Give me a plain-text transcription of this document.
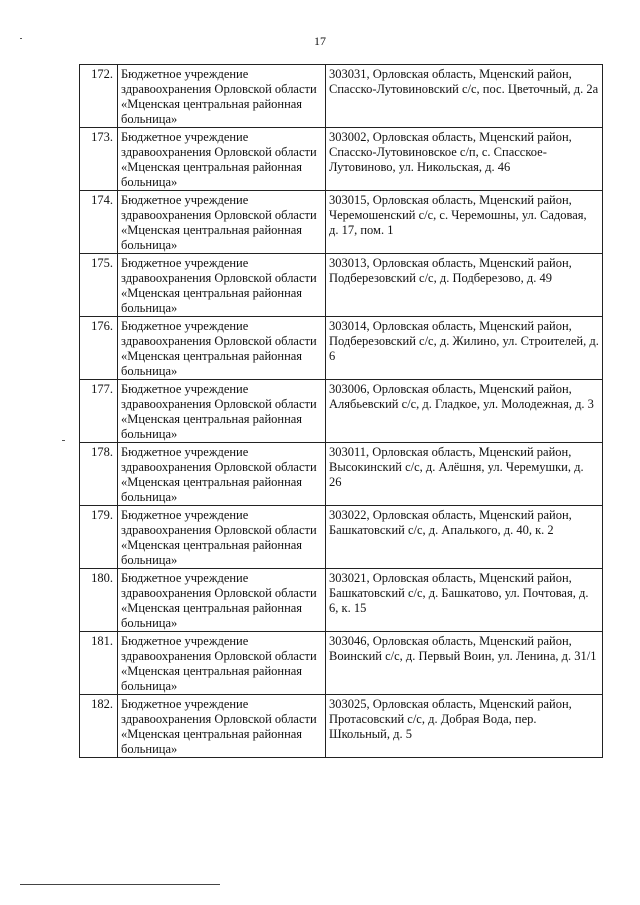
17
172.	Бюджетное учреждение здравоохранения Орловской области «Мценская центральная районная больница»	303031, Орловская область, Мценский район, Спасско-Лутовиновский с/с, пос. Цветочный, д. 2а
173.	Бюджетное учреждение здравоохранения Орловской области «Мценская центральная районная больница»	303002, Орловская область, Мценский район, Спасско-Лутовиновское с/п, с. Спасское-Лутовиново, ул. Никольская, д. 46
174.	Бюджетное учреждение здравоохранения Орловской области «Мценская центральная районная больница»	303015, Орловская область, Мценский район, Черемошенский с/с, с. Черемошны, ул. Садовая, д. 17, пом. 1
175.	Бюджетное учреждение здравоохранения Орловской области «Мценская центральная районная больница»	303013, Орловская область, Мценский район, Подберезовский с/с, д. Подберезово, д. 49
176.	Бюджетное учреждение здравоохранения Орловской области «Мценская центральная районная больница»	303014, Орловская область, Мценский район, Подберезовский с/с, д. Жилино, ул. Строителей, д. 6
177.	Бюджетное учреждение здравоохранения Орловской области «Мценская центральная районная больница»	303006, Орловская область, Мценский район, Алябьевский с/с, д. Гладкое, ул. Молодежная, д. 3
178.	Бюджетное учреждение здравоохранения Орловской области «Мценская центральная районная больница»	303011, Орловская область, Мценский район, Высокинский с/с, д. Алёшня, ул. Черемушки, д. 26
179.	Бюджетное учреждение здравоохранения Орловской области «Мценская центральная районная больница»	303022, Орловская область, Мценский район, Башкатовский с/с, д. Апалького, д. 40, к. 2
180.	Бюджетное учреждение здравоохранения Орловской области «Мценская центральная районная больница»	303021, Орловская область, Мценский район, Башкатовский с/с, д. Башкатово, ул. Почтовая, д. 6, к. 15
181.	Бюджетное учреждение здравоохранения Орловской области «Мценская центральная районная больница»	303046, Орловская область, Мценский район, Воинский с/с, д. Первый Воин, ул. Ленина, д. 31/1
182.	Бюджетное учреждение здравоохранения Орловской области «Мценская центральная районная больница»	303025, Орловская область, Мценский район, Протасовский с/с, д. Добрая Вода, пер. Школьный, д. 5
